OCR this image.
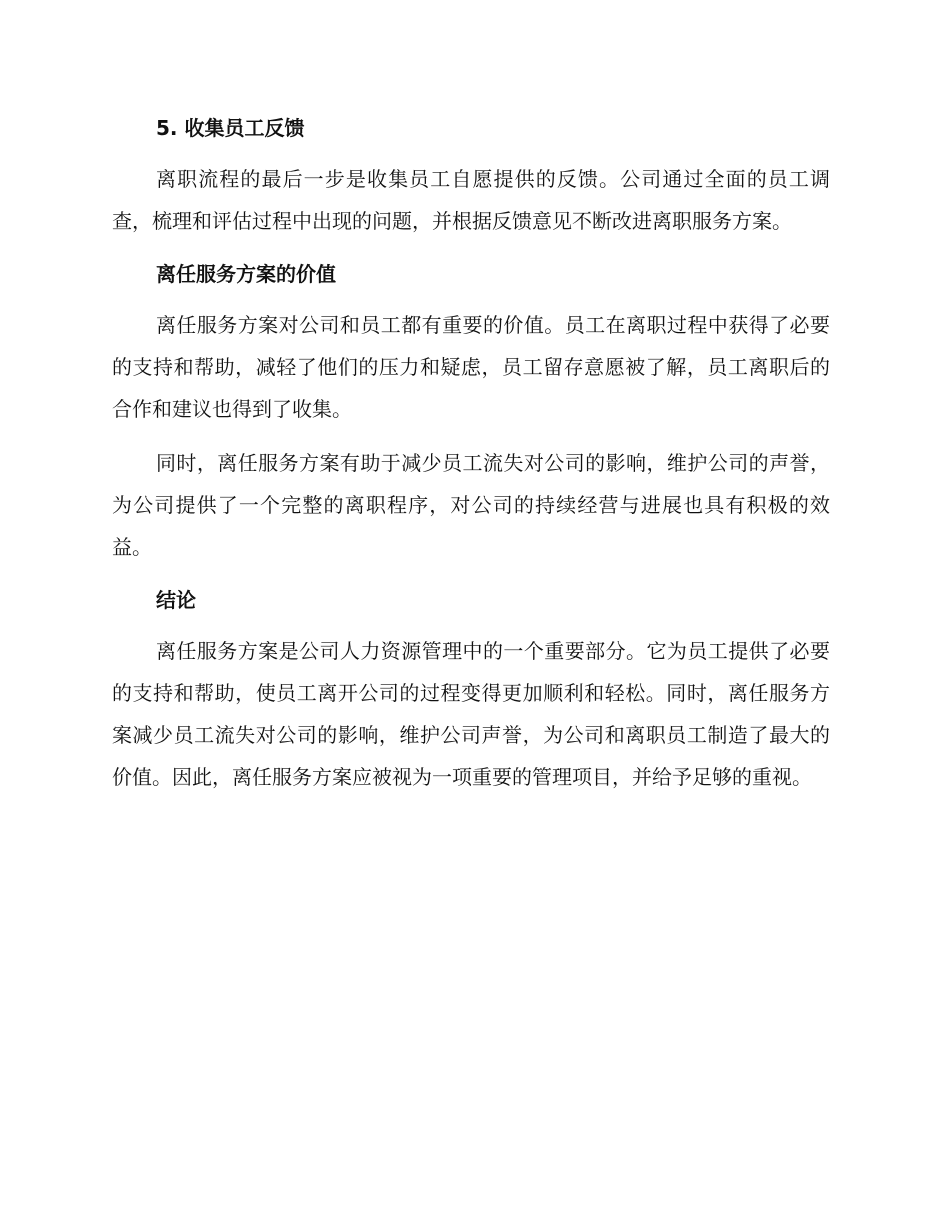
5. 收集员工反馈

离职流程的最后一步是收集员工自愿提供的反馈。公司通过全面的员工调查，梳理和评估过程中出现的问题，并根据反馈意见不断改进离职服务方案。

离任服务方案的价值

离任服务方案对公司和员工都有重要的价值。员工在离职过程中获得了必要的支持和帮助，减轻了他们的压力和疑虑，员工留存意愿被了解，员工离职后的合作和建议也得到了收集。

同时，离任服务方案有助于减少员工流失对公司的影响，维护公司的声誉，为公司提供了一个完整的离职程序，对公司的持续经营与进展也具有积极的效益。

结论

离任服务方案是公司人力资源管理中的一个重要部分。它为员工提供了必要的支持和帮助，使员工离开公司的过程变得更加顺利和轻松。同时，离任服务方案减少员工流失对公司的影响，维护公司声誉，为公司和离职员工制造了最大的价值。因此，离任服务方案应被视为一项重要的管理项目，并给予足够的重视。
